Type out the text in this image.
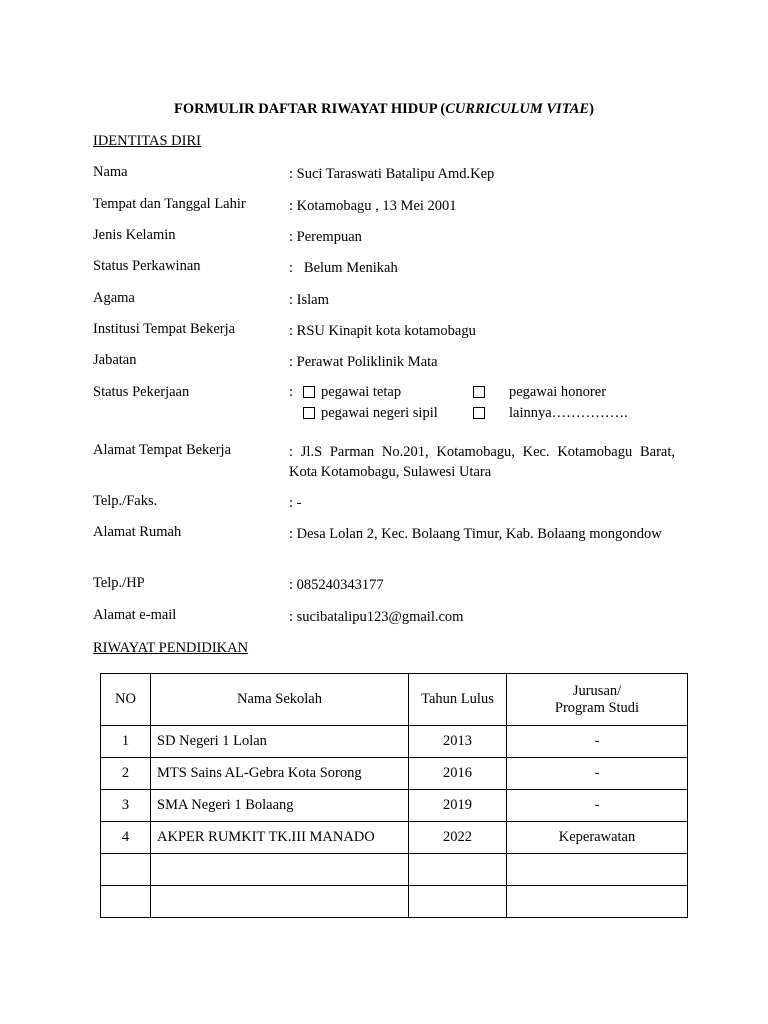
FORMULIR DAFTAR RIWAYAT HIDUP (CURRICULUM VITAE)
IDENTITAS DIRI
Nama	: Suci Taraswati Batalipu Amd.Kep
Tempat dan Tanggal Lahir	: Kotamobagu , 13 Mei 2001
Jenis Kelamin	: Perempuan
Status Perkawinan	:   Belum Menikah
Agama	: Islam
Institusi Tempat Bekerja	: RSU Kinapit kota kotamobagu
Jabatan	: Perawat Poliklinik Mata
Status Pekerjaan	:	pegawai tetap	pegawai honorer
pegawai negeri sipil	lainnya…………….
Alamat Tempat Bekerja	: Jl.S Parman No.201, Kotamobagu, Kec. Kotamobagu Barat, Kota Kotamobagu, Sulawesi Utara
Telp./Faks.	: -
Alamat Rumah	: Desa Lolan 2, Kec. Bolaang Timur, Kab. Bolaang mongondow
Telp./HP	: 085240343177
Alamat e-mail	: sucibatalipu123@gmail.com
RIWAYAT PENDIDIKAN
NO	Nama Sekolah	Tahun Lulus	Jurusan/
Program Studi
1	SD Negeri 1 Lolan	2013	-
2	MTS Sains AL-Gebra Kota Sorong	2016	-
3	SMA Negeri 1 Bolaang	2019	-
4	AKPER RUMKIT TK.III MANADO	2022	Keperawatan
